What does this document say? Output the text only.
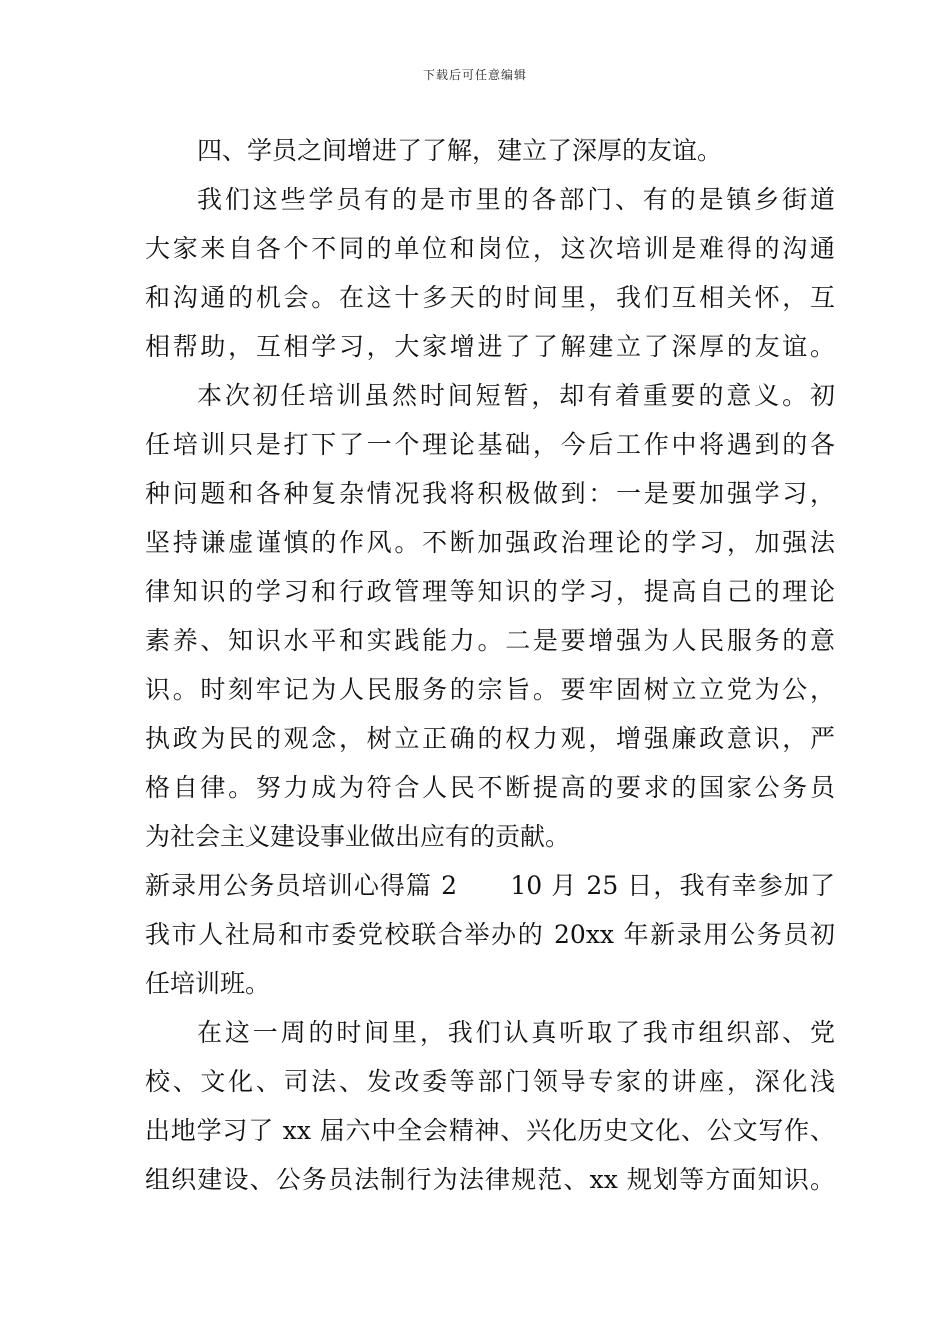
下载后可任意编辑
四、学员之间增进了了解，建立了深厚的友谊。
我们这些学员有的是市里的各部门、有的是镇乡街道
大家来自各个不同的单位和岗位，这次培训是难得的沟通
和沟通的机会。在这十多天的时间里，我们互相关怀，互
相帮助，互相学习，大家增进了了解建立了深厚的友谊。
本次初任培训虽然时间短暂，却有着重要的意义。初
任培训只是打下了一个理论基础，今后工作中将遇到的各
种问题和各种复杂情况我将积极做到：一是要加强学习，
坚持谦虚谨慎的作风。不断加强政治理论的学习，加强法
律知识的学习和行政管理等知识的学习，提高自己的理论
素养、知识水平和实践能力。二是要增强为人民服务的意
识。时刻牢记为人民服务的宗旨。要牢固树立立党为公，
执政为民的观念，树立正确的权力观，增强廉政意识，严
格自律。努力成为符合人民不断提高的要求的国家公务员
为社会主义建设事业做出应有的贡献。
新录用公务员培训心得篇 2　　10 月 25 日，我有幸参加了
我市人社局和市委党校联合举办的 20xx 年新录用公务员初
任培训班。
在这一周的时间里，我们认真听取了我市组织部、党
校、文化、司法、发改委等部门领导专家的讲座，深化浅
出地学习了 xx 届六中全会精神、兴化历史文化、公文写作、
组织建设、公务员法制行为法律规范、xx 规划等方面知识。
